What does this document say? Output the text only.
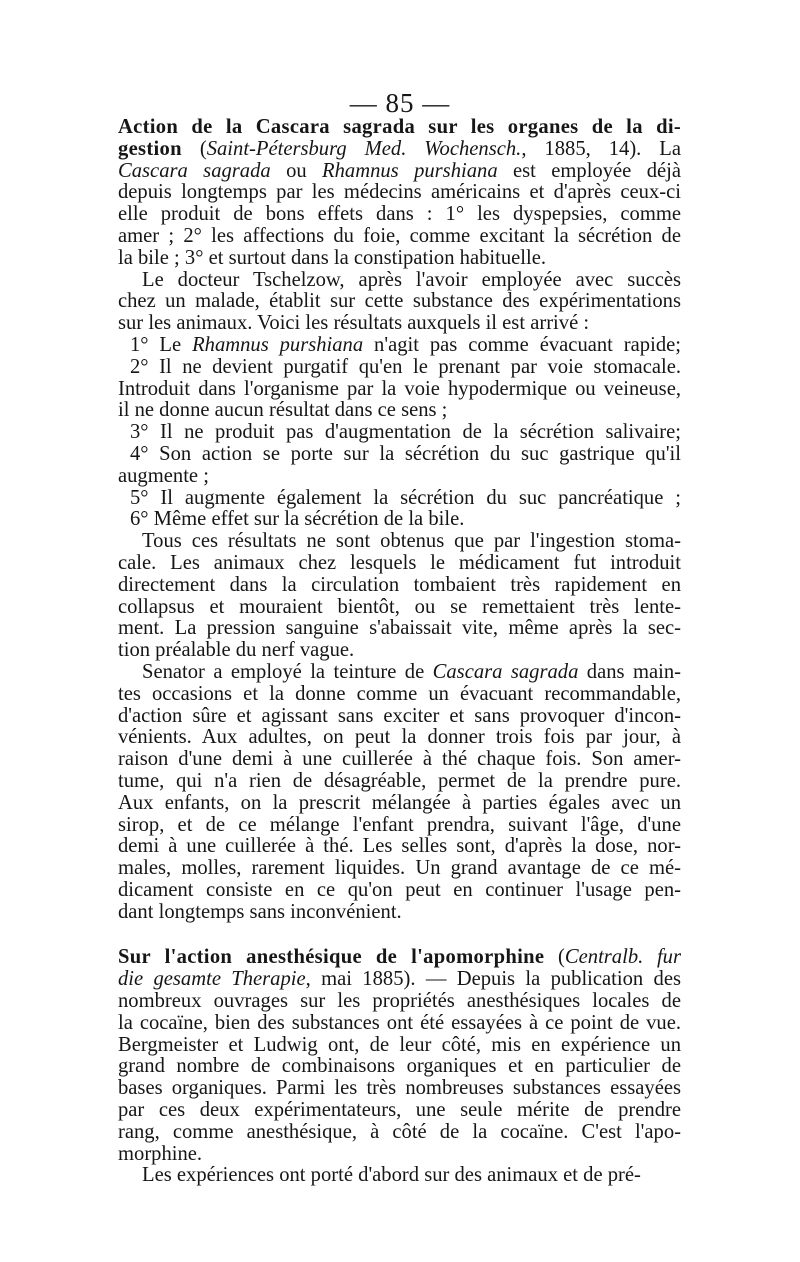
— 85 —
Action de la Cascara sagrada sur les organes de la di-
gestion (Saint-Pétersburg Med. Wochensch., 1885, 14). La
Cascara sagrada ou Rhamnus purshiana est employée déjà
depuis longtemps par les médecins américains et d'après ceux-ci
elle produit de bons effets dans : 1° les dyspepsies, comme
amer ; 2° les affections du foie, comme excitant la sécrétion de
la bile ; 3° et surtout dans la constipation habituelle.
Le docteur Tschelzow, après l'avoir employée avec succès
chez un malade, établit sur cette substance des expérimentations
sur les animaux. Voici les résultats auxquels il est arrivé :
1° Le Rhamnus purshiana n'agit pas comme évacuant rapide;
2° Il ne devient purgatif qu'en le prenant par voie stomacale.
Introduit dans l'organisme par la voie hypodermique ou veineuse,
il ne donne aucun résultat dans ce sens ;
3° Il ne produit pas d'augmentation de la sécrétion salivaire;
4° Son action se porte sur la sécrétion du suc gastrique qu'il
augmente ;
5° Il augmente également la sécrétion du suc pancréatique ;
6° Même effet sur la sécrétion de la bile.
Tous ces résultats ne sont obtenus que par l'ingestion stoma-
cale. Les animaux chez lesquels le médicament fut introduit
directement dans la circulation tombaient très rapidement en
collapsus et mouraient bientôt, ou se remettaient très lente-
ment. La pression sanguine s'abaissait vite, même après la sec-
tion préalable du nerf vague.
Senator a employé la teinture de Cascara sagrada dans main-
tes occasions et la donne comme un évacuant recommandable,
d'action sûre et agissant sans exciter et sans provoquer d'incon-
vénients. Aux adultes, on peut la donner trois fois par jour, à
raison d'une demi à une cuillerée à thé chaque fois. Son amer-
tume, qui n'a rien de désagréable, permet de la prendre pure.
Aux enfants, on la prescrit mélangée à parties égales avec un
sirop, et de ce mélange l'enfant prendra, suivant l'âge, d'une
demi à une cuillerée à thé. Les selles sont, d'après la dose, nor-
males, molles, rarement liquides. Un grand avantage de ce mé-
dicament consiste en ce qu'on peut en continuer l'usage pen-
dant longtemps sans inconvénient.
Sur l'action anesthésique de l'apomorphine (Centralb. fur
die gesamte Therapie, mai 1885). — Depuis la publication des
nombreux ouvrages sur les propriétés anesthésiques locales de
la cocaïne, bien des substances ont été essayées à ce point de vue.
Bergmeister et Ludwig ont, de leur côté, mis en expérience un
grand nombre de combinaisons organiques et en particulier de
bases organiques. Parmi les très nombreuses substances essayées
par ces deux expérimentateurs, une seule mérite de prendre
rang, comme anesthésique, à côté de la cocaïne. C'est l'apo-
morphine.
Les expériences ont porté d'abord sur des animaux et de pré-
